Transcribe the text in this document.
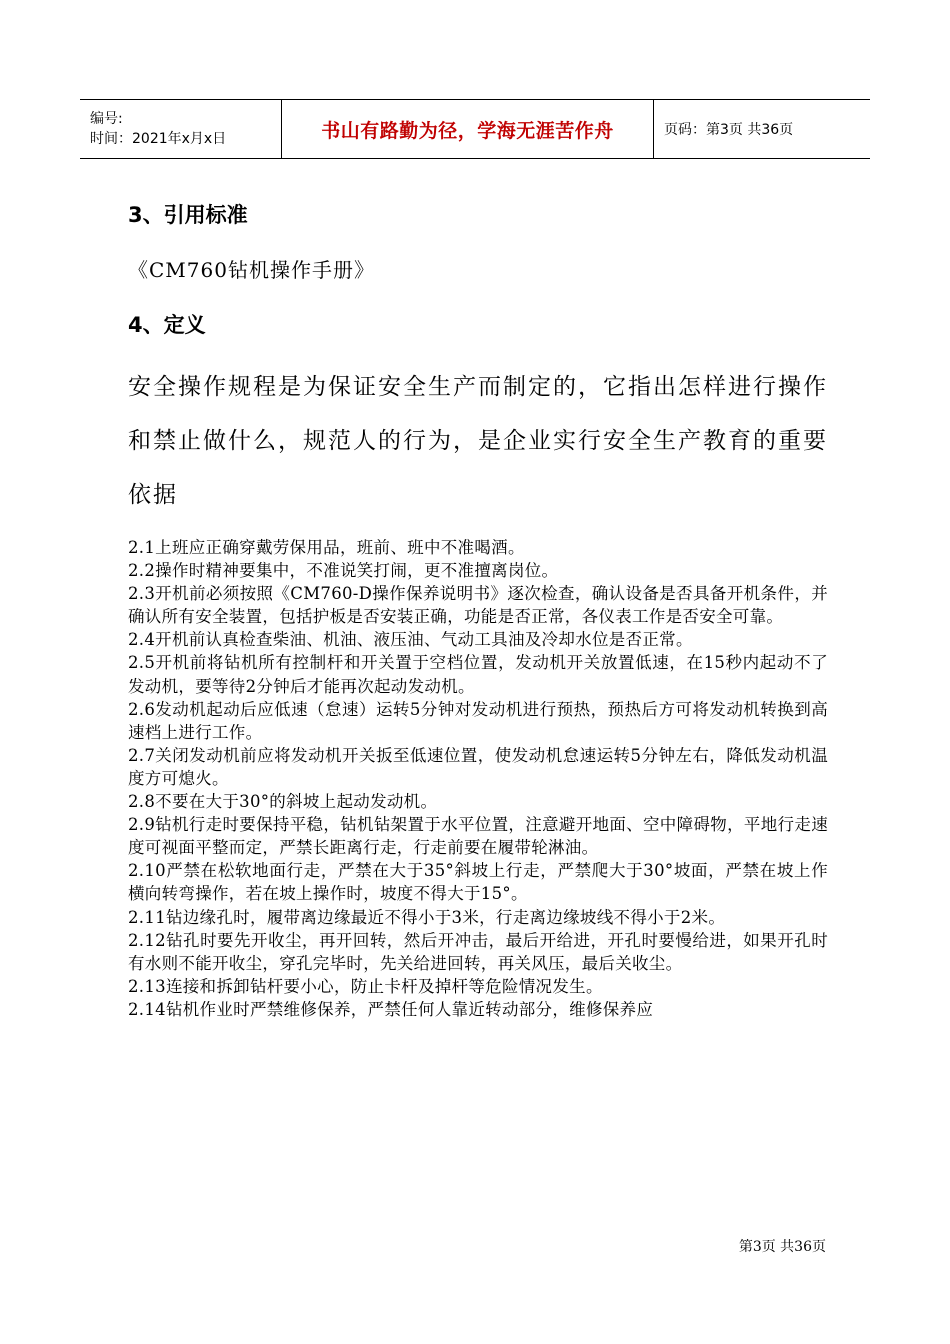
编号:
时间：2021年x月x日	书山有路勤为径，学海无涯苦作舟	页码：第3页 共36页
3、引用标准
《CM760钻机操作手册》
4、定义
安全操作规程是为保证安全生产而制定的，它指出怎样进行操作和禁止做什么，规范人的行为，是企业实行安全生产教育的重要依据

2.1上班应正确穿戴劳保用品，班前、班中不准喝酒。

2.2操作时精神要集中，不准说笑打闹，更不准擅离岗位。

2.3开机前必须按照《CM760-D操作保养说明书》逐次检查，确认设备是否具备开机条件，并确认所有安全装置，包括护板是否安装正确，功能是否正常，各仪表工作是否安全可靠。

2.4开机前认真检查柴油、机油、液压油、气动工具油及冷却水位是否正常。

2.5开机前将钻机所有控制杆和开关置于空档位置，发动机开关放置低速，在15秒内起动不了发动机，要等待2分钟后才能再次起动发动机。

2.6发动机起动后应低速（怠速）运转5分钟对发动机进行预热，预热后方可将发动机转换到高速档上进行工作。

2.7关闭发动机前应将发动机开关扳至低速位置，使发动机怠速运转5分钟左右，降低发动机温度方可熄火。

2.8不要在大于30°的斜坡上起动发动机。

2.9钻机行走时要保持平稳，钻机钻架置于水平位置，注意避开地面、空中障碍物，平地行走速度可视面平整而定，严禁长距离行走，行走前要在履带轮淋油。

2.10严禁在松软地面行走，严禁在大于35°斜坡上行走，严禁爬大于30°坡面，严禁在坡上作横向转弯操作，若在坡上操作时，坡度不得大于15°。

2.11钻边缘孔时，履带离边缘最近不得小于3米，行走离边缘坡线不得小于2米。

2.12钻孔时要先开收尘，再开回转，然后开冲击，最后开给进，开孔时要慢给进，如果开孔时有水则不能开收尘，穿孔完毕时，先关给进回转，再关风压，最后关收尘。

2.13连接和拆卸钻杆要小心，防止卡杆及掉杆等危险情况发生。

2.14钻机作业时严禁维修保养，严禁任何人靠近转动部分，维修保养应

第3页 共36页
